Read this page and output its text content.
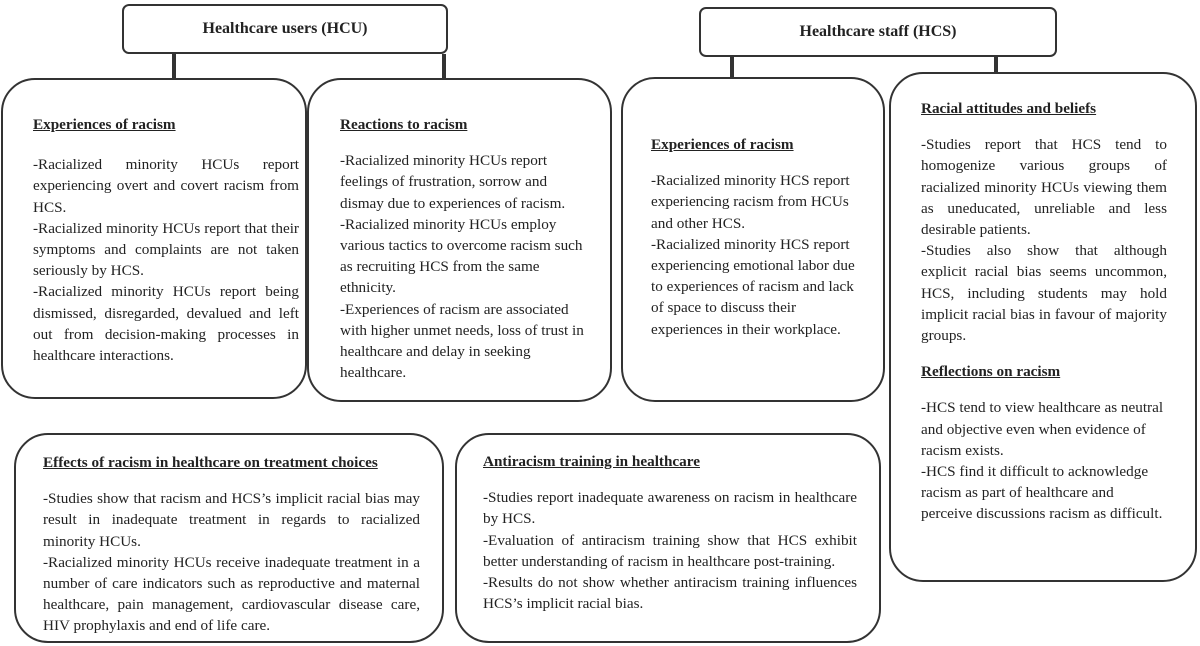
Healthcare users (HCU)	Healthcare staff (HCS)

Experiences of racism

-Racialized minority HCUs report experiencing overt and covert racism from HCS.

-Racialized minority HCUs report that their symptoms and complaints are not taken seriously by HCS.

-Racialized minority HCUs report being dismissed, disregarded, devalued and left out from decision-making processes in healthcare interactions.

Reactions to racism

-Racialized minority HCUs report feelings of frustration, sorrow and dismay due to experiences of racism.

-Racialized minority HCUs employ various tactics to overcome racism such as recruiting HCS from the same ethnicity.

-Experiences of racism are associated with higher unmet needs, loss of trust in healthcare and delay in seeking healthcare.

Experiences of racism

-Racialized minority HCS report experiencing racism from HCUs and other HCS.

-Racialized minority HCS report experiencing emotional labor due to experiences of racism and lack of space to discuss their experiences in their workplace.

Racial attitudes and beliefs

-Studies report that HCS tend to homogenize various groups of racialized minority HCUs viewing them as uneducated, unreliable and less desirable patients.

-Studies also show that although explicit racial bias seems uncommon, HCS, including students may hold implicit racial bias in favour of majority groups.

Reflections on racism

-HCS tend to view healthcare as neutral and objective even when evidence of racism exists.

-HCS find it difficult to acknowledge racism as part of healthcare and perceive discussions racism as difficult.

Effects of racism in healthcare on treatment choices

-Studies show that racism and HCS’s implicit racial bias may result in inadequate treatment in regards to racialized minority HCUs.

-Racialized minority HCUs receive inadequate treatment in a number of care indicators such as reproductive and maternal healthcare, pain management, cardiovascular disease care, HIV prophylaxis and end of life care.

Antiracism training in healthcare

-Studies report inadequate awareness on racism in healthcare by HCS.

-Evaluation of antiracism training show that HCS exhibit better understanding of racism in healthcare post-training.

-Results do not show whether antiracism training influences HCS’s implicit racial bias.
